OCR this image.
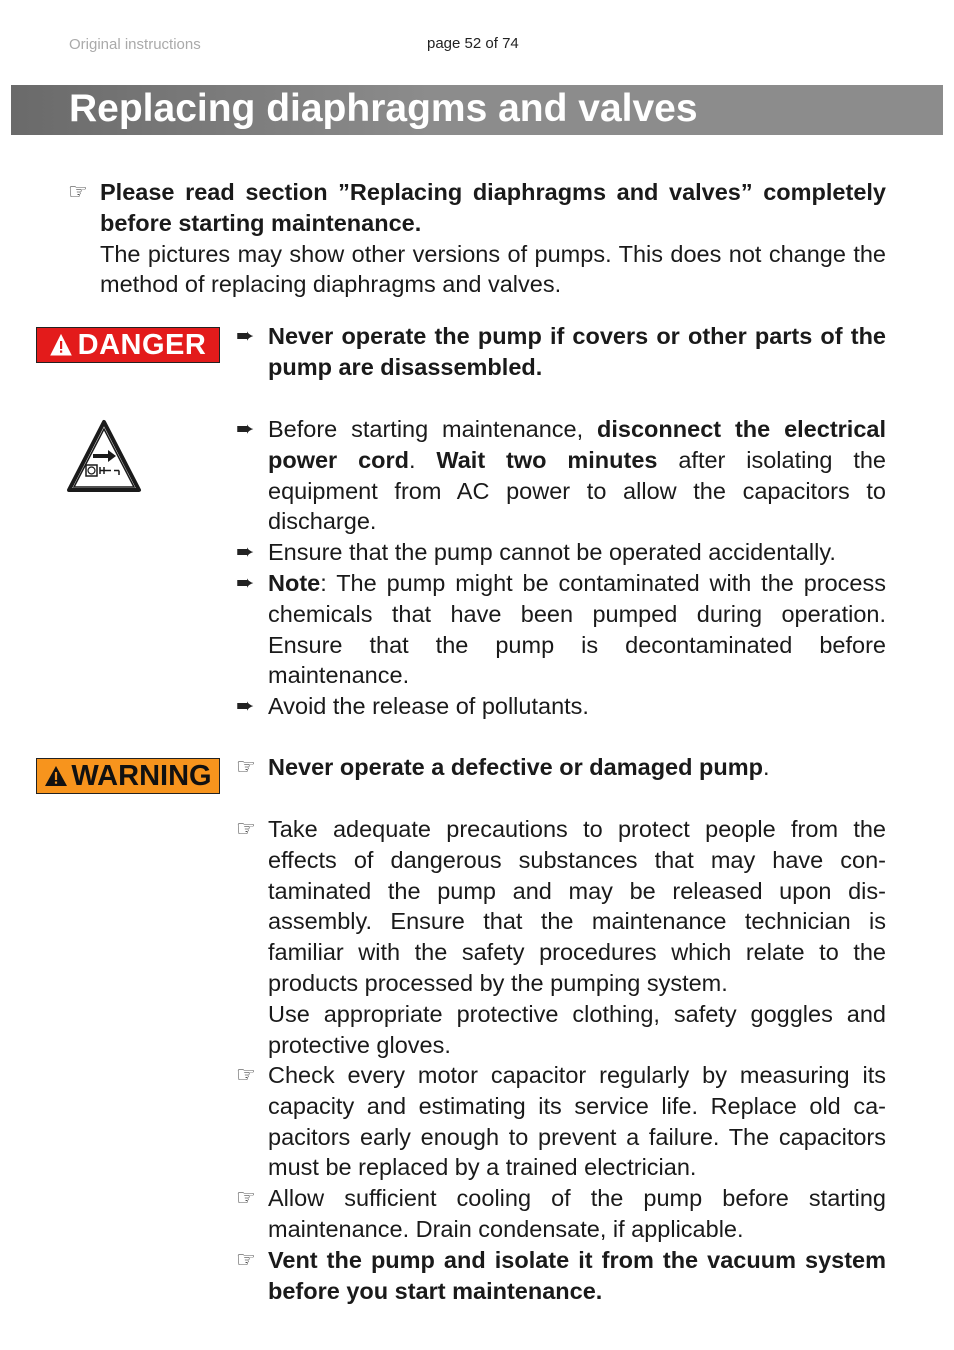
Original instructions	page 52 of 74
Replacing diaphragms and valves
☞ Please read section ”Replacing diaphragms and valves” completely before starting maintenance.

The pictures may show other versions of pumps. This does not change the method of replacing diaphragms and valves.

DANGER ➨ Never operate the pump if covers or other parts of the pump are disassembled.

➨ Before starting maintenance, disconnect the electrical power cord. Wait two minutes after isolating the equipment from AC power to allow the capacitors to discharge.

➨ Ensure that the pump cannot be operated accidentally.

➨ Note: The pump might be contaminated with the process chemicals that have been pumped during operation. Ensure that the pump is decontaminated before maintenance.

➨ Avoid the release of pollutants.

WARNING ☞ Never operate a defective or damaged pump.

☞ Take adequate precautions to protect people from the effects of dangerous substances that may have contaminated the pump and may be released upon disassembly. Ensure that the maintenance technician is familiar with the safety procedures which relate to the products processed by the pumping system.

Use appropriate protective clothing, safety goggles and protective gloves.

☞ Check every motor capacitor regularly by measuring its capacity and estimating its service life. Replace old capacitors early enough to prevent a failure. The capacitors must be replaced by a trained electrician.

☞ Allow sufficient cooling of the pump before starting maintenance. Drain condensate, if applicable.

☞ Vent the pump and isolate it from the vacuum system before you start maintenance.
